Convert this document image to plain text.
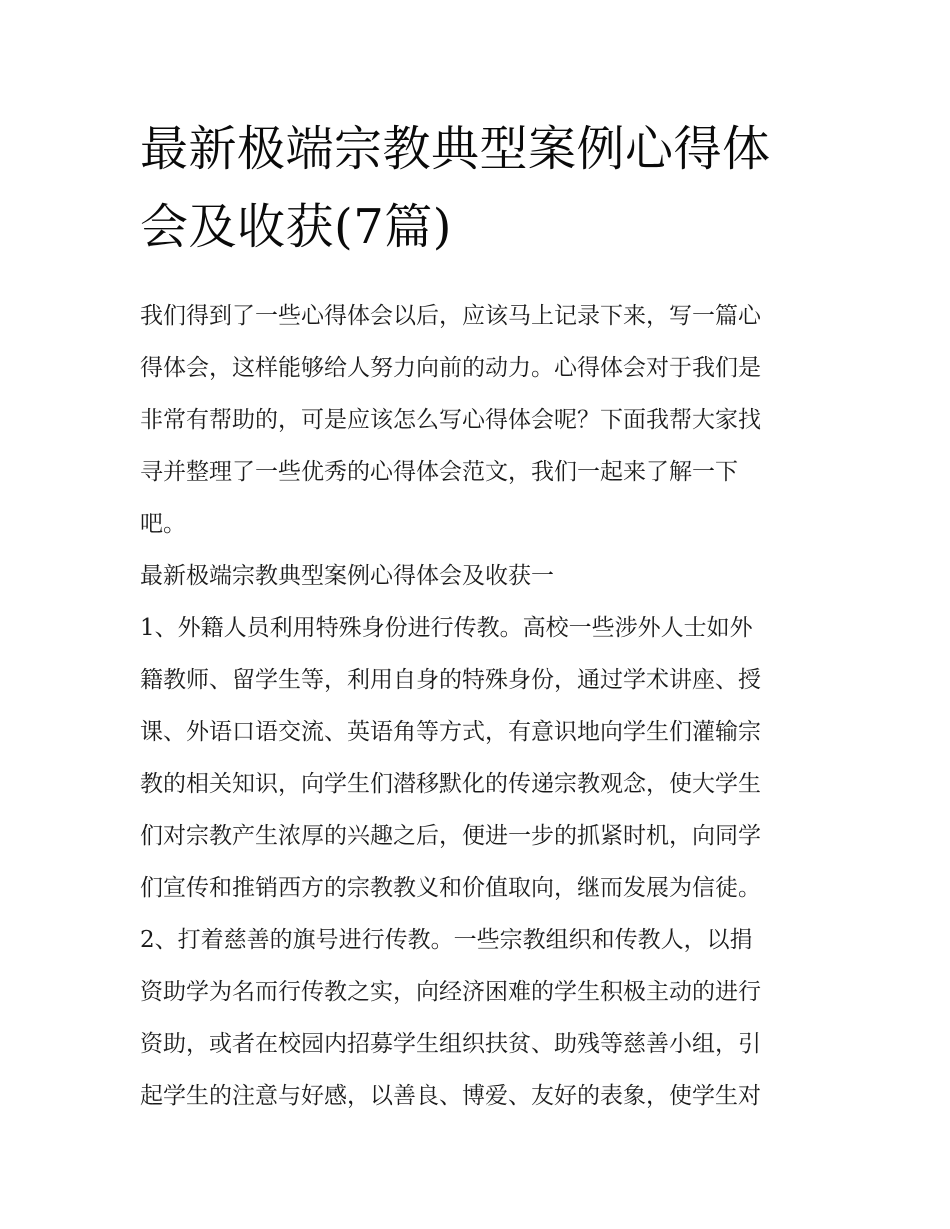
最新极端宗教典型案例心得体
会及收获(7篇)

我们得到了一些心得体会以后，应该马上记录下来，写一篇心
得体会，这样能够给人努力向前的动力。心得体会对于我们是
非常有帮助的，可是应该怎么写心得体会呢？下面我帮大家找
寻并整理了一些优秀的心得体会范文，我们一起来了解一下
吧。

最新极端宗教典型案例心得体会及收获一

1、外籍人员利用特殊身份进行传教。高校一些涉外人士如外
籍教师、留学生等，利用自身的特殊身份，通过学术讲座、授
课、外语口语交流、英语角等方式，有意识地向学生们灌输宗
教的相关知识，向学生们潜移默化的传递宗教观念，使大学生
们对宗教产生浓厚的兴趣之后，便进一步的抓紧时机，向同学
们宣传和推销西方的宗教教义和价值取向，继而发展为信徒。

2、打着慈善的旗号进行传教。一些宗教组织和传教人，以捐
资助学为名而行传教之实，向经济困难的学生积极主动的进行
资助，或者在校园内招募学生组织扶贫、助残等慈善小组，引
起学生的注意与好感，以善良、博爱、友好的表象，使学生对
